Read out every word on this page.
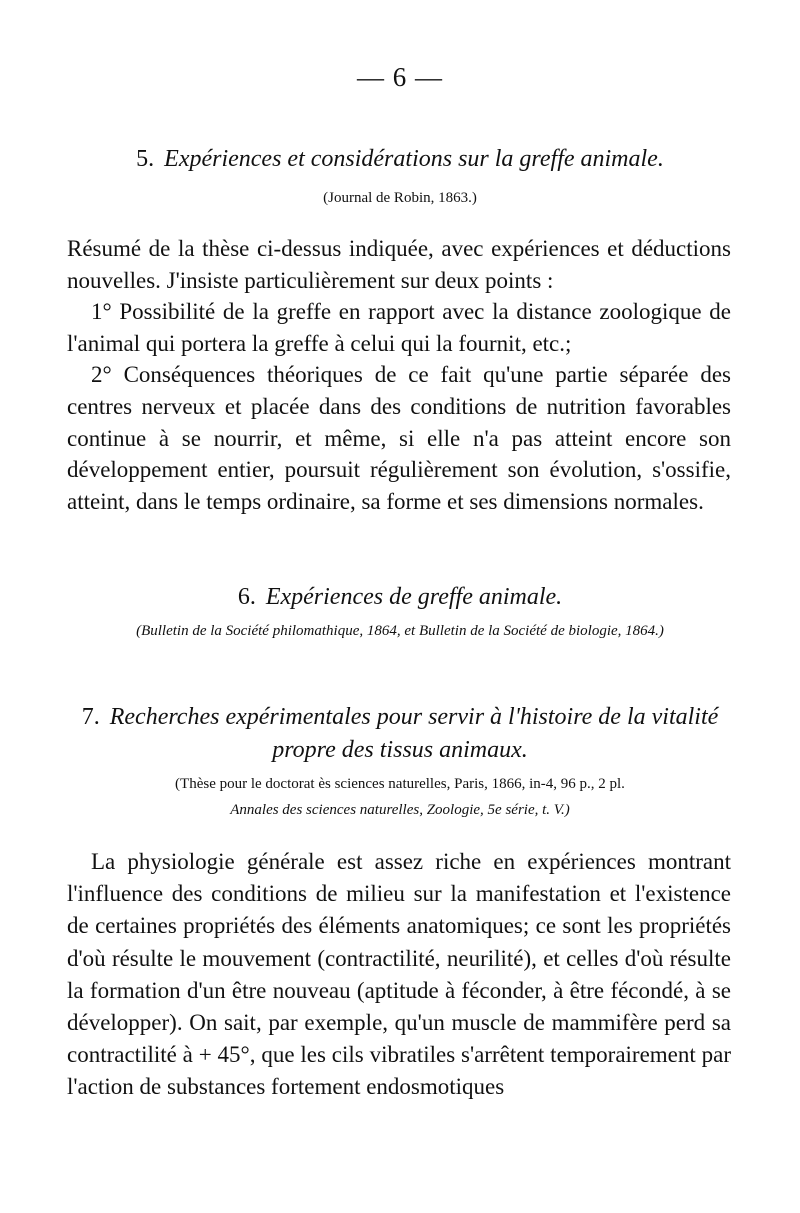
— 6 —
5. Expériences et considérations sur la greffe animale.
(Journal de Robin, 1863.)

Résumé de la thèse ci-dessus indiquée, avec expériences et déductions nouvelles. J'insiste particulièrement sur deux points :

1° Possibilité de la greffe en rapport avec la distance zoologique de l'animal qui portera la greffe à celui qui la fournit, etc.;

2° Conséquences théoriques de ce fait qu'une partie séparée des centres nerveux et placée dans des conditions de nutrition favorables continue à se nourrir, et même, si elle n'a pas atteint encore son développement entier, poursuit régulièrement son évolution, s'ossifie, atteint, dans le temps ordinaire, sa forme et ses dimensions normales.

6. Expériences de greffe animale.
(Bulletin de la Société philomathique, 1864, et Bulletin de la Société de biologie, 1864.)
7. Recherches expérimentales pour servir à l'histoire de la vitalité
propre des tissus animaux.
(Thèse pour le doctorat ès sciences naturelles, Paris, 1866, in-4, 96 p., 2 pl.
Annales des sciences naturelles, Zoologie, 5e série, t. V.)

La physiologie générale est assez riche en expériences montrant l'influence des conditions de milieu sur la manifestation et l'existence de certaines propriétés des éléments anatomiques; ce sont les propriétés d'où résulte le mouvement (contractilité, neurilité), et celles d'où résulte la formation d'un être nouveau (aptitude à féconder, à être fécondé, à se développer). On sait, par exemple, qu'un muscle de mammifère perd sa contractilité à + 45°, que les cils vibratiles s'arrêtent temporairement par l'action de substances fortement endosmotiques
